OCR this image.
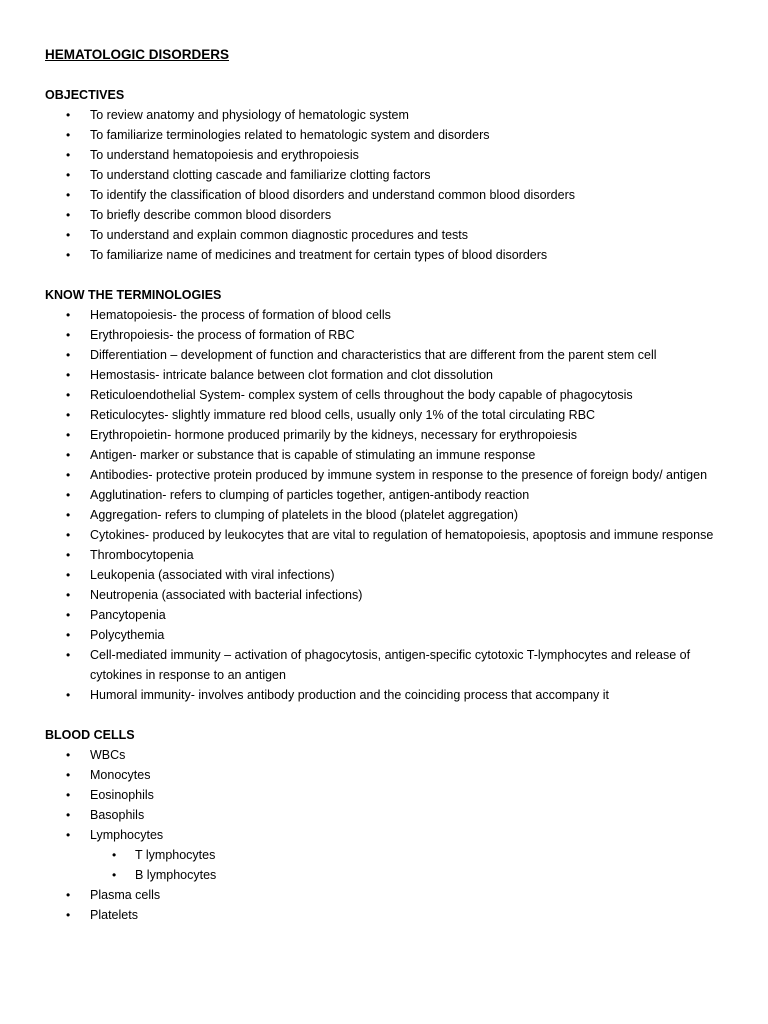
HEMATOLOGIC DISORDERS
OBJECTIVES
• To review anatomy and physiology of hematologic system
• To familiarize terminologies related to hematologic system and disorders
• To understand hematopoiesis and erythropoiesis
• To understand clotting cascade and familiarize clotting factors
• To identify the classification of blood disorders and understand common blood disorders
• To briefly describe common blood disorders
• To understand and explain common diagnostic procedures and tests
• To familiarize name of medicines and treatment for certain types of blood disorders
KNOW THE TERMINOLOGIES
• Hematopoiesis- the process of formation of blood cells
• Erythropoiesis- the process of formation of RBC
• Differentiation – development of function and characteristics that are different from the parent stem cell
• Hemostasis- intricate balance between clot formation and clot dissolution
• Reticuloendothelial System- complex system of cells throughout the body capable of phagocytosis
• Reticulocytes- slightly immature red blood cells, usually only 1% of the total circulating RBC
• Erythropoietin- hormone produced primarily by the kidneys, necessary for erythropoiesis
• Antigen- marker or substance that is capable of stimulating an immune response
• Antibodies- protective protein produced by immune system in response to the presence of foreign body/ antigen
• Agglutination- refers to clumping of particles together, antigen-antibody reaction
• Aggregation- refers to clumping of platelets in the blood (platelet aggregation)
• Cytokines- produced by leukocytes that are vital to regulation of hematopoiesis, apoptosis and immune response
• Thrombocytopenia
• Leukopenia (associated with viral infections)
• Neutropenia (associated with bacterial infections)
• Pancytopenia
• Polycythemia
• Cell-mediated immunity – activation of phagocytosis, antigen-specific cytotoxic T-lymphocytes and release of cytokines in response to an antigen
• Humoral immunity- involves antibody production and the coinciding process that accompany it
BLOOD CELLS
• WBCs
• Monocytes
• Eosinophils
• Basophils
• Lymphocytes
• T lymphocytes
• B lymphocytes
• Plasma cells
• Platelets
